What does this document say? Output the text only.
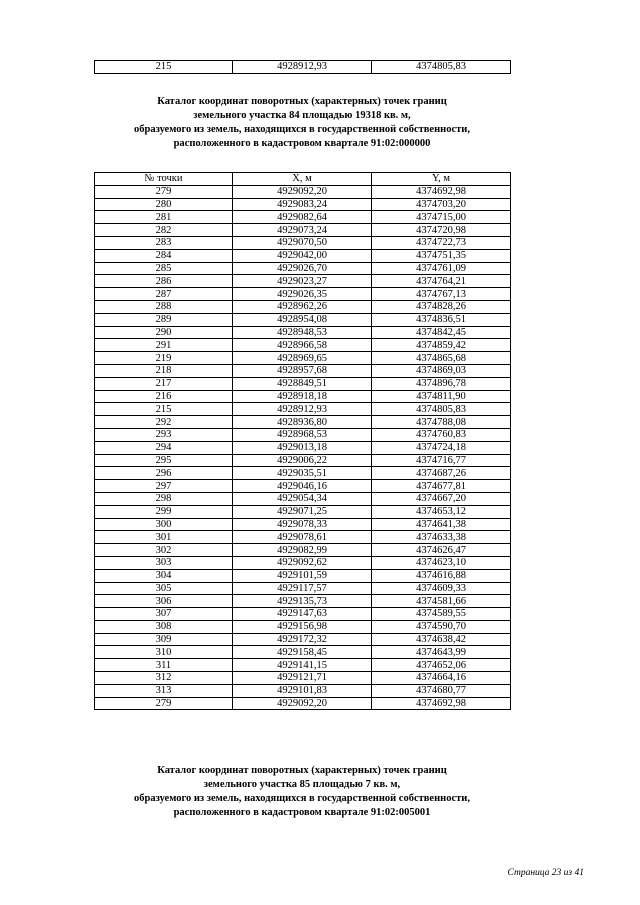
215	4928912,93	4374805,83
Каталог координат поворотных (характерных) точек границ
земельного участка 84 площадью 19318 кв. м,
образуемого из земель, находящихся в государственной собственности,
расположенного в кадастровом квартале 91:02:000000
№ точки	X, м	Y, м
279	4929092,20	4374692,98
280	4929083,24	4374703,20
281	4929082,64	4374715,00
282	4929073,24	4374720,98
283	4929070,50	4374722,73
284	4929042,00	4374751,35
285	4929026,70	4374761,09
286	4929023,27	4374764,21
287	4929026,35	4374767,13
288	4928962,26	4374828,26
289	4928954,08	4374836,51
290	4928948,53	4374842,45
291	4928966,58	4374859,42
219	4928969,65	4374865,68
218	4928957,68	4374869,03
217	4928849,51	4374896,78
216	4928918,18	4374811,90
215	4928912,93	4374805,83
292	4928936,80	4374788,08
293	4928968,53	4374760,83
294	4929013,18	4374724,18
295	4929006,22	4374716,77
296	4929035,51	4374687,26
297	4929046,16	4374677,81
298	4929054,34	4374667,20
299	4929071,25	4374653,12
300	4929078,33	4374641,38
301	4929078,61	4374633,38
302	4929082,99	4374626,47
303	4929092,62	4374623,10
304	4929101,59	4374616,88
305	4929117,57	4374609,33
306	4929135,73	4374581,66
307	4929147,63	4374589,55
308	4929156,98	4374590,70
309	4929172,32	4374638,42
310	4929158,45	4374643,99
311	4929141,15	4374652,06
312	4929121,71	4374664,16
313	4929101,83	4374680,77
279	4929092,20	4374692,98
Каталог координат поворотных (характерных) точек границ
земельного участка 85 площадью 7 кв. м,
образуемого из земель, находящихся в государственной собственности,
расположенного в кадастровом квартале 91:02:005001
Страница 23 из 41
